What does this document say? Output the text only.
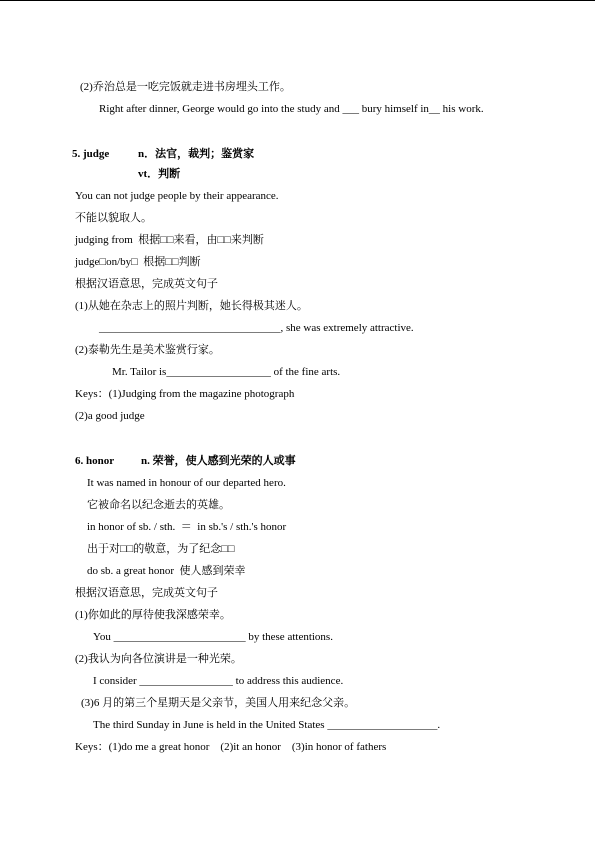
(2)乔治总是一吃完饭就走进书房埋头工作。
Right after dinner, George would go into the study and ___ bury himself in__ his work.
5. judge	n．法官，裁判；鉴赏家
vt．判断
You can not judge people by their appearance.
不能以貌取人。
judging from  根据□□来看，由□□来判断
judge□on/by□  根据□□判断
根据汉语意思，完成英文句子
(1)从她在杂志上的照片判断，她长得极其迷人。
_________________________________, she was extremely attractive.
(2)泰勒先生是美术鉴赏行家。
Mr. Tailor is___________________ of the fine arts.
Keys：(1)Judging from the magazine photograph
(2)a good judge
6. honor n. 荣誉，使人感到光荣的人或事
It was named in honour of our departed hero.
它被命名以纪念逝去的英雄。
in honor of sb. / sth.  ＝  in sb.'s / sth.'s honor
出于对□□的敬意，为了纪念□□
do sb. a great honor  使人感到荣幸
根据汉语意思，完成英文句子
(1)你如此的厚待使我深感荣幸。
You ________________________ by these attentions.
(2)我认为向各位演讲是一种光荣。
I consider _________________ to address this audience.
(3)6 月的第三个星期天是父亲节，美国人用来纪念父亲。
The third Sunday in June is held in the United States ____________________.
Keys：(1)do me a great honor    (2)it an honor    (3)in honor of fathers
